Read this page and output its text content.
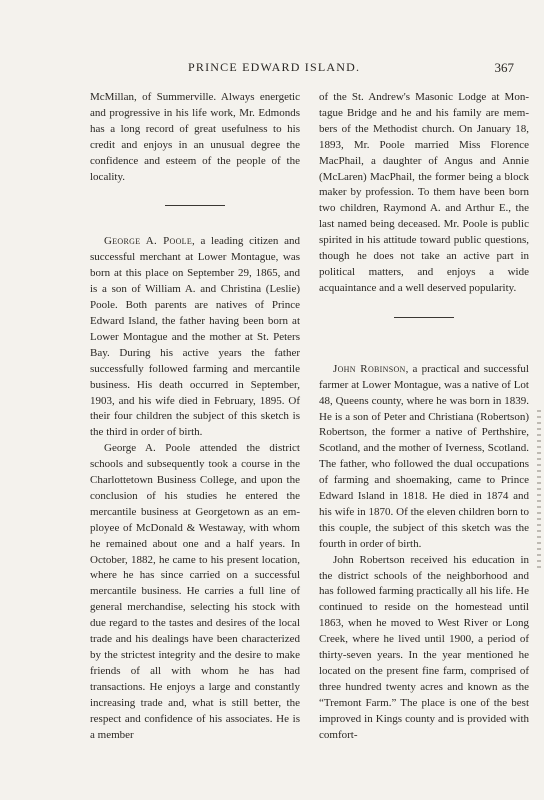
PRINCE EDWARD ISLAND.	367

McMillan, of Summerville. Always energetic and progressive in his life work, Mr. Edmonds has a long record of great usefulness to his credit and enjoys in an unusual degree the confidence and esteem of the people of the locality.

George A. Poole, a leading citizen and successful merchant at Lower Montague, was born at this place on September 29, 1865, and is a son of William A. and Christina (Leslie) Poole. Both parents are natives of Prince Edward Island, the father having been born at Lower Montague and the mother at St. Peters Bay. During his active years the father successfully followed farming and mercantile business. His death occurred in September, 1903, and his wife died in February, 1895. Of their four children the subject of this sketch is the third in order of birth.

George A. Poole attended the district schools and subsequently took a course in the Charlottetown Business College, and upon the conclusion of his studies he entered the mercantile business at Georgetown as an employee of McDonald & Westaway, with whom he remained about one and a half years. In October, 1882, he came to his present location, where he has since carried on a successful mercantile business. He carries a full line of general merchandise, selecting his stock with due regard to the tastes and desires of the local trade and his dealings have been characterized by the strictest integrity and the desire to make friends of all with whom he has had transactions. He enjoys a large and constantly increasing trade and, what is still better, the respect and confidence of his associates. He is a member

of the St. Andrew's Masonic Lodge at Montague Bridge and he and his family are members of the Methodist church. On January 18, 1893, Mr. Poole married Miss Florence MacPhail, a daughter of Angus and Annie (McLaren) MacPhail, the former being a block maker by profession. To them have been born two children, Raymond A. and Arthur E., the last named being deceased. Mr. Poole is public spirited in his attitude toward public questions, though he does not take an active part in political matters, and enjoys a wide acquaintance and a well deserved popularity.

John Robinson, a practical and successful farmer at Lower Montague, was a native of Lot 48, Queens county, where he was born in 1839. He is a son of Peter and Christiana (Robertson) Robertson, the former a native of Perthshire, Scotland, and the mother of Iverness, Scotland. The father, who followed the dual occupations of farming and shoemaking, came to Prince Edward Island in 1818. He died in 1874 and his wife in 1870. Of the eleven children born to this couple, the subject of this sketch was the fourth in order of birth.

John Robertson received his education in the district schools of the neighborhood and has followed farming practically all his life. He continued to reside on the homestead until 1863, when he moved to West River or Long Creek, where he lived until 1900, a period of thirty-seven years. In the year mentioned he located on the present fine farm, comprised of three hundred twenty acres and known as the “Tremont Farm.” The place is one of the best improved in Kings county and is provided with comfort-
